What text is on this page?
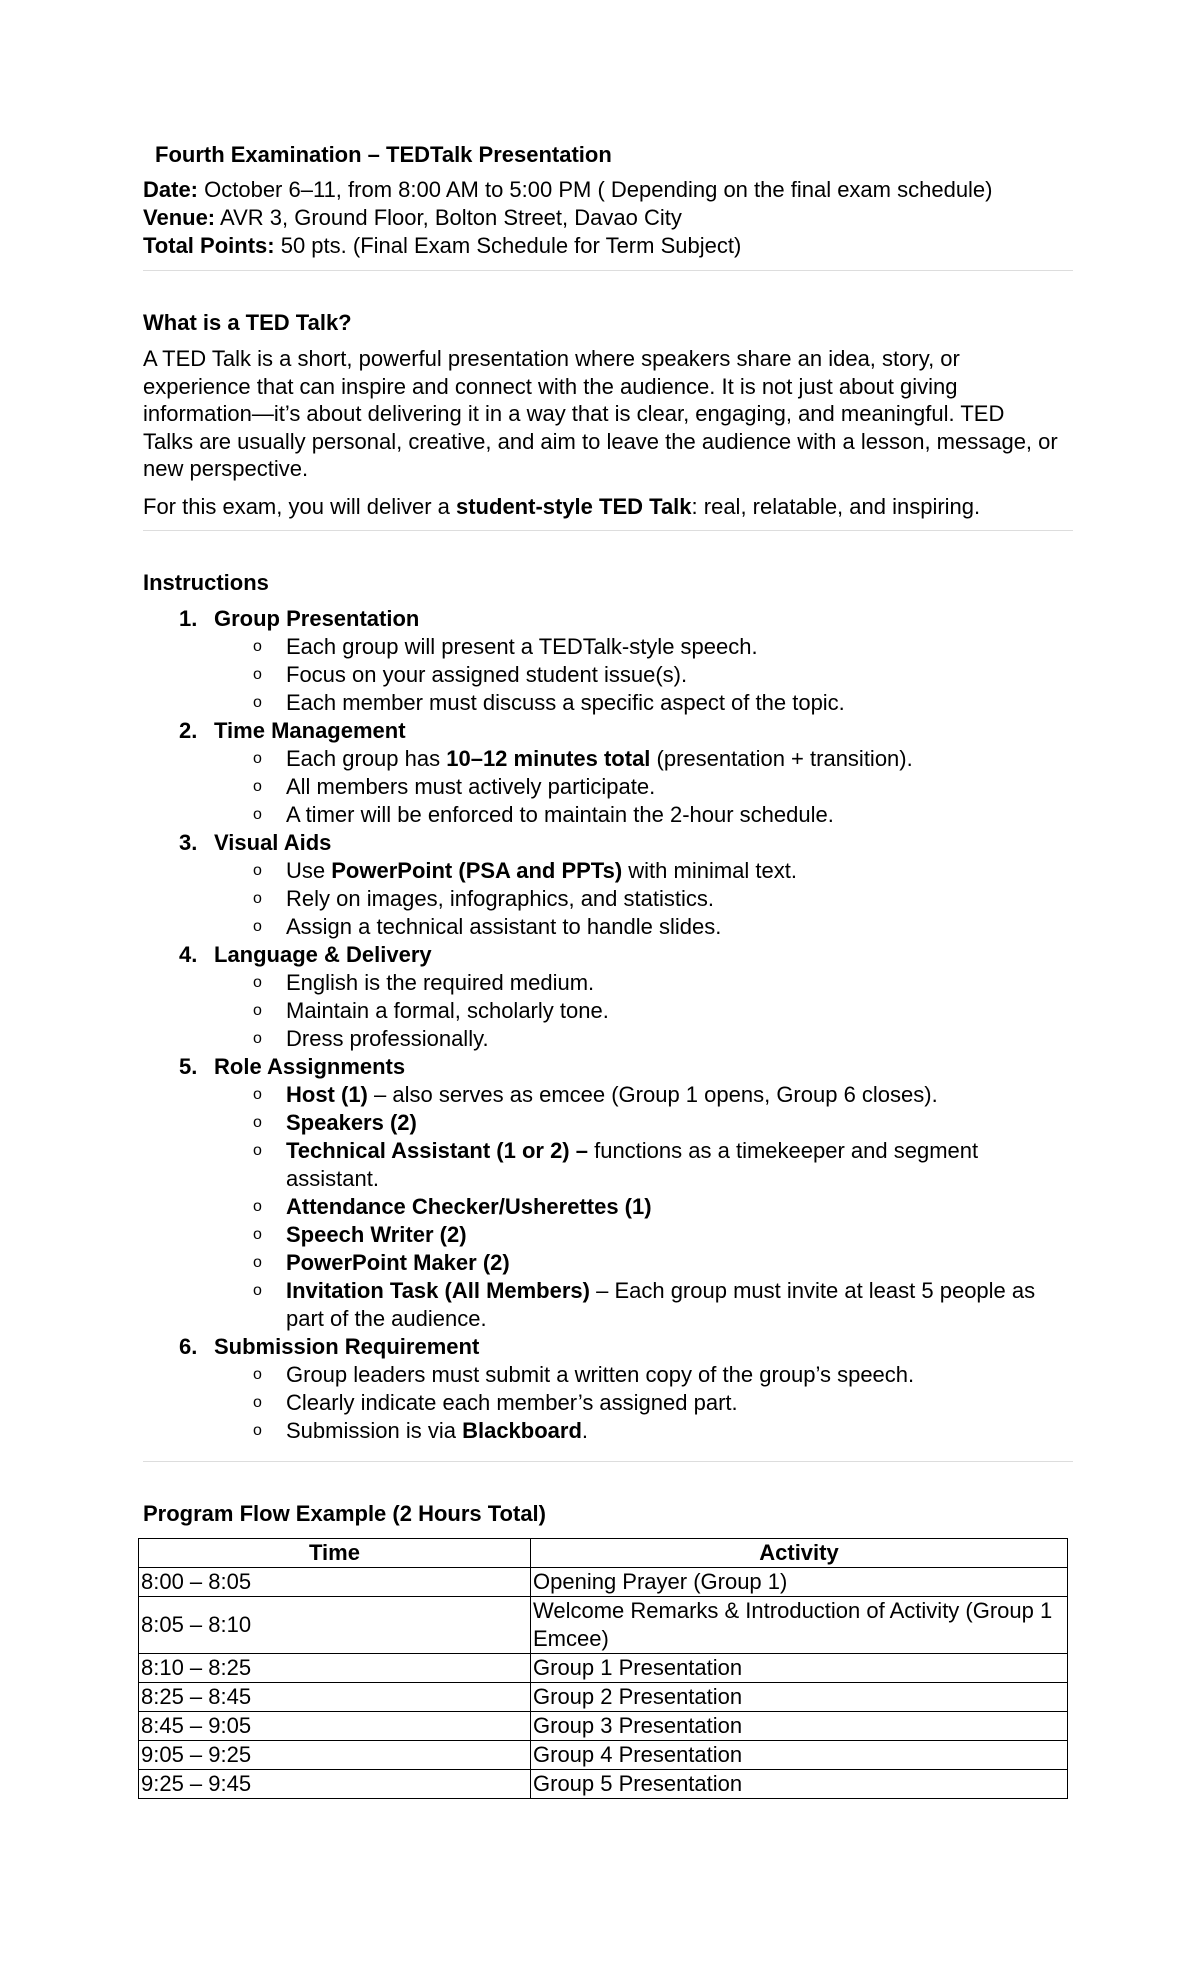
Fourth Examination – TEDTalk Presentation
Date: October 6–11, from 8:00 AM to 5:00 PM ( Depending on the final exam schedule)
Venue: AVR 3, Ground Floor, Bolton Street, Davao City
Total Points: 50 pts. (Final Exam Schedule for Term Subject)
What is a TED Talk?

A TED Talk is a short, powerful presentation where speakers share an idea, story, or experience that can inspire and connect with the audience. It is not just about giving information—it’s about delivering it in a way that is clear, engaging, and meaningful. TED Talks are usually personal, creative, and aim to leave the audience with a lesson, message, or new perspective.

For this exam, you will deliver a student-style TED Talk: real, relatable, and inspiring.

Instructions
1. Group Presentation
o Each group will present a TEDTalk-style speech.
o Focus on your assigned student issue(s).
o Each member must discuss a specific aspect of the topic.
2. Time Management
o Each group has 10–12 minutes total (presentation + transition).
o All members must actively participate.
o A timer will be enforced to maintain the 2-hour schedule.
3. Visual Aids
o Use PowerPoint (PSA and PPTs) with minimal text.
o Rely on images, infographics, and statistics.
o Assign a technical assistant to handle slides.
4. Language & Delivery
o English is the required medium.
o Maintain a formal, scholarly tone.
o Dress professionally.
5. Role Assignments
o Host (1) – also serves as emcee (Group 1 opens, Group 6 closes).
o Speakers (2)
o Technical Assistant (1 or 2) – functions as a timekeeper and segment assistant.
o Attendance Checker/Usherettes (1)
o Speech Writer (2)
o PowerPoint Maker (2)
o Invitation Task (All Members) – Each group must invite at least 5 people as part of the audience.
6. Submission Requirement
o Group leaders must submit a written copy of the group’s speech.
o Clearly indicate each member’s assigned part.
o Submission is via Blackboard.
Program Flow Example (2 Hours Total)
Time	Activity
8:00 – 8:05	Opening Prayer (Group 1)
8:05 – 8:10	Welcome Remarks & Introduction of Activity (Group 1 Emcee)
8:10 – 8:25	Group 1 Presentation
8:25 – 8:45	Group 2 Presentation
8:45 – 9:05	Group 3 Presentation
9:05 – 9:25	Group 4 Presentation
9:25 – 9:45	Group 5 Presentation
